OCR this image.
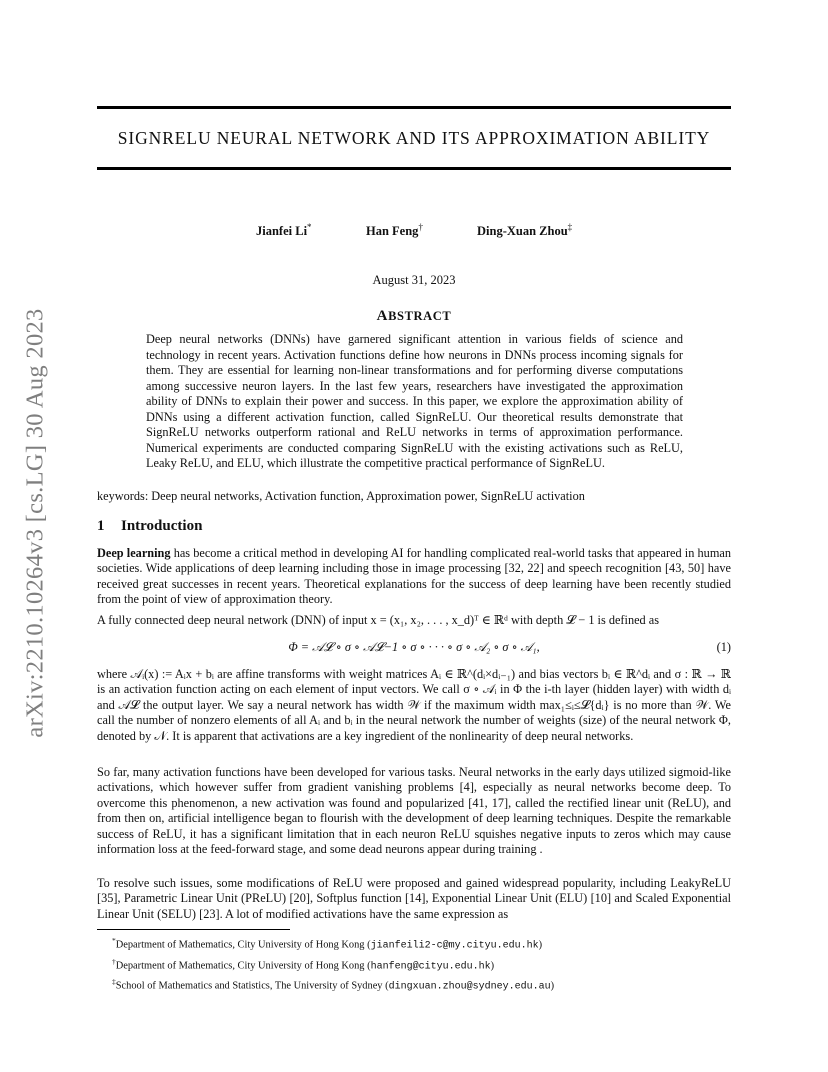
arXiv:2210.10264v3 [cs.LG] 30 Aug 2023
SIGNRELU NEURAL NETWORK AND ITS APPROXIMATION ABILITY
Jianfei Li*	Han Feng†	Ding-Xuan Zhou‡
August 31, 2023
ABSTRACT
Deep neural networks (DNNs) have garnered significant attention in various fields of science and technology in recent years. Activation functions define how neurons in DNNs process incoming signals for them. They are essential for learning non-linear transformations and for performing diverse computations among successive neuron layers. In the last few years, researchers have investigated the approximation ability of DNNs to explain their power and success. In this paper, we explore the approximation ability of DNNs using a different activation function, called SignReLU. Our theoretical results demonstrate that SignReLU networks outperform rational and ReLU networks in terms of approximation performance. Numerical experiments are conducted comparing SignReLU with the existing activations such as ReLU, Leaky ReLU, and ELU, which illustrate the competitive practical performance of SignReLU.
keywords: Deep neural networks, Activation function, Approximation power, SignReLU activation
1 Introduction
Deep learning has become a critical method in developing AI for handling complicated real-world tasks that appeared in human societies. Wide applications of deep learning including those in image processing [32, 22] and speech recognition [43, 50] have received great successes in recent years. Theoretical explanations for the success of deep learning have been recently studied from the point of view of approximation theory.
A fully connected deep neural network (DNN) of input x = (x₁, x₂, . . . , x_d)ᵀ ∈ ℝᵈ with depth 𝓛 − 1 is defined as
Φ = 𝒜𝓛 ∘ σ ∘ 𝒜𝓛−1 ∘ σ ∘ · · · ∘ σ ∘ 𝒜₂ ∘ σ ∘ 𝒜₁,	(1)
where 𝒜ᵢ(x) := Aᵢx + bᵢ are affine transforms with weight matrices Aᵢ ∈ ℝ^(dᵢ×dᵢ₋₁) and bias vectors bᵢ ∈ ℝ^dᵢ and σ : ℝ → ℝ is an activation function acting on each element of input vectors. We call σ ∘ 𝒜ᵢ in Φ the i-th layer (hidden layer) with width dᵢ and 𝒜𝓛 the output layer. We say a neural network has width 𝒲 if the maximum width max₁≤ᵢ≤𝓛{dᵢ} is no more than 𝒲. We call the number of nonzero elements of all Aᵢ and bᵢ in the neural network the number of weights (size) of the neural network Φ, denoted by 𝒩. It is apparent that activations are a key ingredient of the nonlinearity of deep neural networks.
So far, many activation functions have been developed for various tasks. Neural networks in the early days utilized sigmoid-like activations, which however suffer from gradient vanishing problems [4], especially as neural networks become deep. To overcome this phenomenon, a new activation was found and popularized [41, 17], called the rectified linear unit (ReLU), and from then on, artificial intelligence began to flourish with the development of deep learning techniques. Despite the remarkable success of ReLU, it has a significant limitation that in each neuron ReLU squishes negative inputs to zeros which may cause information loss at the feed-forward stage, and some dead neurons appear during training .
To resolve such issues, some modifications of ReLU were proposed and gained widespread popularity, including LeakyReLU [35], Parametric Linear Unit (PReLU) [20], Softplus function [14], Exponential Linear Unit (ELU) [10] and Scaled Exponential Linear Unit (SELU) [23]. A lot of modified activations have the same expression as
*Department of Mathematics, City University of Hong Kong (jianfeili2-c@my.cityu.edu.hk)
†Department of Mathematics, City University of Hong Kong (hanfeng@cityu.edu.hk)
‡School of Mathematics and Statistics, The University of Sydney (dingxuan.zhou@sydney.edu.au)
